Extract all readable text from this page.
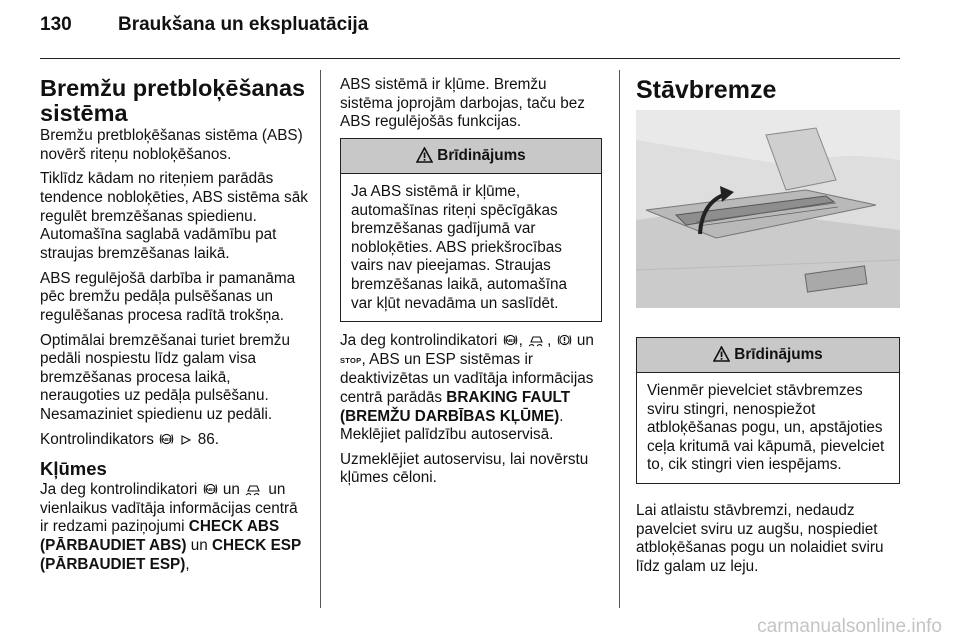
130 Braukšana un ekspluatācija
Bremžu pretbloķēšanas sistēma

Bremžu pretbloķēšanas sistēma (ABS) novērš riteņu nobloķēšanos.

Tiklīdz kādam no riteņiem parādās tendence nobloķēties, ABS sistēma sāk regulēt bremzēšanas spiedienu. Automašīna saglabā vadāmību pat straujas bremzēšanas laikā.

ABS regulējošā darbība ir pamanāma pēc bremžu pedāļa pulsēšanas un regulēšanas procesa radītā trokšņa.

Optimālai bremzēšanai turiet bremžu pedāli nospiestu līdz galam visa bremzēšanas procesa laikā, neraugoties uz pedāļa pulsēšanu. Nesamaziniet spiedienu uz pedāli.

Kontrolindikators ABS 86.

Kļūmes

Ja deg kontrolindikatori ABS un un vienlaikus vadītāja informācijas centrā ir redzami paziņojumi CHECK ABS (PĀRBAUDIET ABS) un CHECK ESP (PĀRBAUDIET ESP),

ABS sistēmā ir kļūme. Bremžu sistēma joprojām darbojas, taču bez ABS regulējošās funkcijas.

Brīdinājums
Ja ABS sistēmā ir kļūme, automašīnas riteņi spēcīgākas bremzēšanas gadījumā var nobloķēties. ABS priekšrocības vairs nav pieejamas. Straujas bremzēšanas laikā, automašīna var kļūt nevadāma un saslīdēt.

Ja deg kontrolindikatori ABS , ,  un
STOP, ABS un ESP sistēmas ir deaktivizētas un vadītāja informācijas centrā parādās BRAKING FAULT (BREMŽU DARBĪBAS KĻŪME). Meklējiet palīdzību autoservisā.

Uzmeklējiet autoservisu, lai novērstu kļūmes cēloni.

Stāvbremze
Brīdinājums
Vienmēr pievelciet stāvbremzes sviru stingri, nenospiežot atbloķēšanas pogu, un, apstājoties ceļa kritumā vai kāpumā, pievelciet to, cik stingri vien iespējams.

Lai atlaistu stāvbremzi, nedaudz pavelciet sviru uz augšu, nospiediet atbloķēšanas pogu un nolaidiet sviru līdz galam uz leju.

carmanualsonline.info
